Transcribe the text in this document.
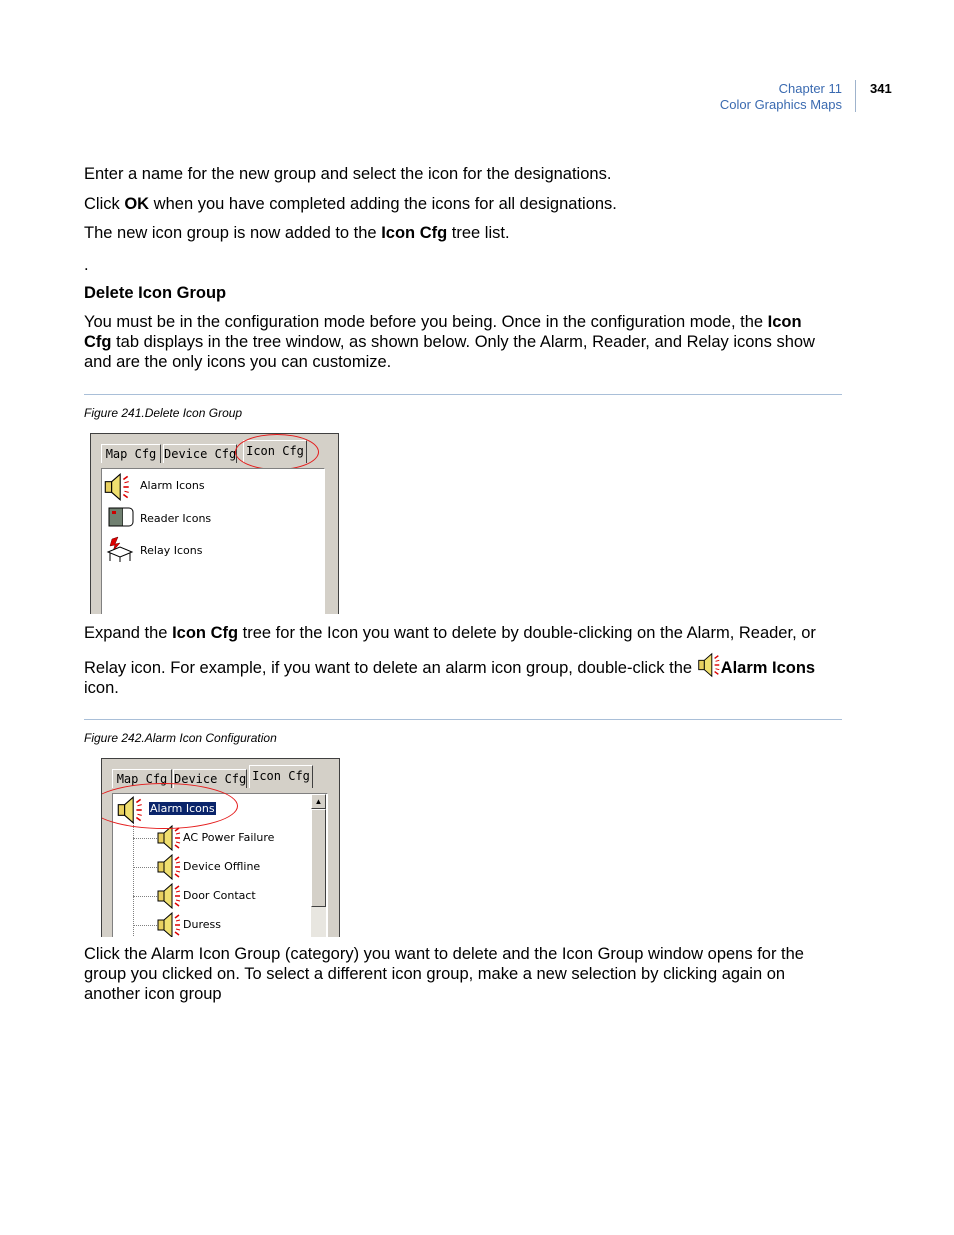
Chapter 11
Color Graphics Maps
341
Enter a name for the new group and select the icon for the designations.
Click OK when you have completed adding the icons for all designations.
The new icon group is now added to the Icon Cfg tree list.
.
Delete Icon Group
You must be in the configuration mode before you being. Once in the configuration mode, the Icon
Cfg tab displays in the tree window, as shown below. Only the Alarm, Reader, and Relay icons show
and are the only icons you can customize.
Figure 241.Delete Icon Group
Map Cfg Device Cfg Icon Cfg
Alarm Icons
Reader Icons
Relay Icons
Expand the Icon Cfg tree for the Icon you want to delete by double-clicking on the Alarm, Reader, or
Relay icon. For example, if you want to delete an alarm icon group, double-click the Alarm Icons
icon.
Figure 242.Alarm Icon Configuration
Map Cfg Device Cfg Icon Cfg
Alarm Icons
AC Power Failure
Device Offline
Door Contact
Duress
▲
Click the Alarm Icon Group (category) you want to delete and the Icon Group window opens for the
group you clicked on. To select a different icon group, make a new selection by clicking again on
another icon group
